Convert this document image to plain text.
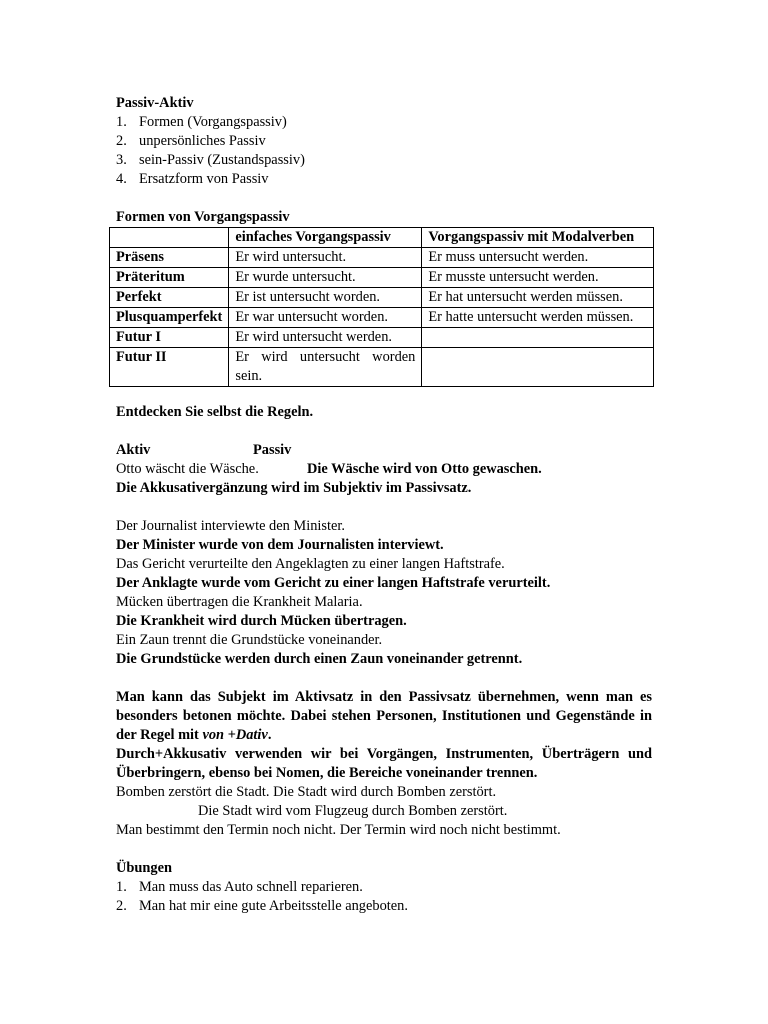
Passiv-Aktiv
1. Formen (Vorgangspassiv)
2. unpersönliches Passiv
3. sein-Passiv (Zustandspassiv)
4. Ersatzform von Passiv
Formen von Vorgangspassiv
	einfaches Vorgangspassiv	Vorgangspassiv mit Modalverben
Präsens	Er wird untersucht.	Er muss untersucht werden.
Präteritum	Er wurde untersucht.	Er musste untersucht werden.
Perfekt	Er ist untersucht worden.	Er hat untersucht werden müssen.
Plusquamperfekt	Er war untersucht worden.	Er hatte untersucht werden müssen.
Futur I	Er wird untersucht werden.	
Futur II	Er wird untersucht worden sein.	
Entdecken Sie selbst die Regeln.
Aktiv	Passiv
Otto wäscht die Wäsche.	Die Wäsche wird von Otto gewaschen.
Die Akkusativergänzung wird im Subjektiv im Passivsatz.
Der Journalist interviewte den Minister.
Der Minister wurde von dem Journalisten interviewt.
Das Gericht verurteilte den Angeklagten zu einer langen Haftstrafe.
Der Anklagte wurde vom Gericht zu einer langen Haftstrafe verurteilt.
Mücken übertragen die Krankheit Malaria.
Die Krankheit wird durch Mücken übertragen.
Ein Zaun trennt die Grundstücke voneinander.
Die Grundstücke werden durch einen Zaun voneinander getrennt.
Man kann das Subjekt im Aktivsatz in den Passivsatz übernehmen, wenn man es besonders betonen möchte. Dabei stehen Personen, Institutionen und Gegenstände in der Regel mit von +Dativ.
Durch+Akkusativ verwenden wir bei Vorgängen, Instrumenten, Überträgern und Überbringern, ebenso bei Nomen, die Bereiche voneinander trennen.
Bomben zerstört die Stadt. Die Stadt wird durch Bomben zerstört.
Die Stadt wird vom Flugzeug durch Bomben zerstört.
Man bestimmt den Termin noch nicht. Der Termin wird noch nicht bestimmt.
Übungen
1. Man muss das Auto schnell reparieren.
2. Man hat mir eine gute Arbeitsstelle angeboten.
